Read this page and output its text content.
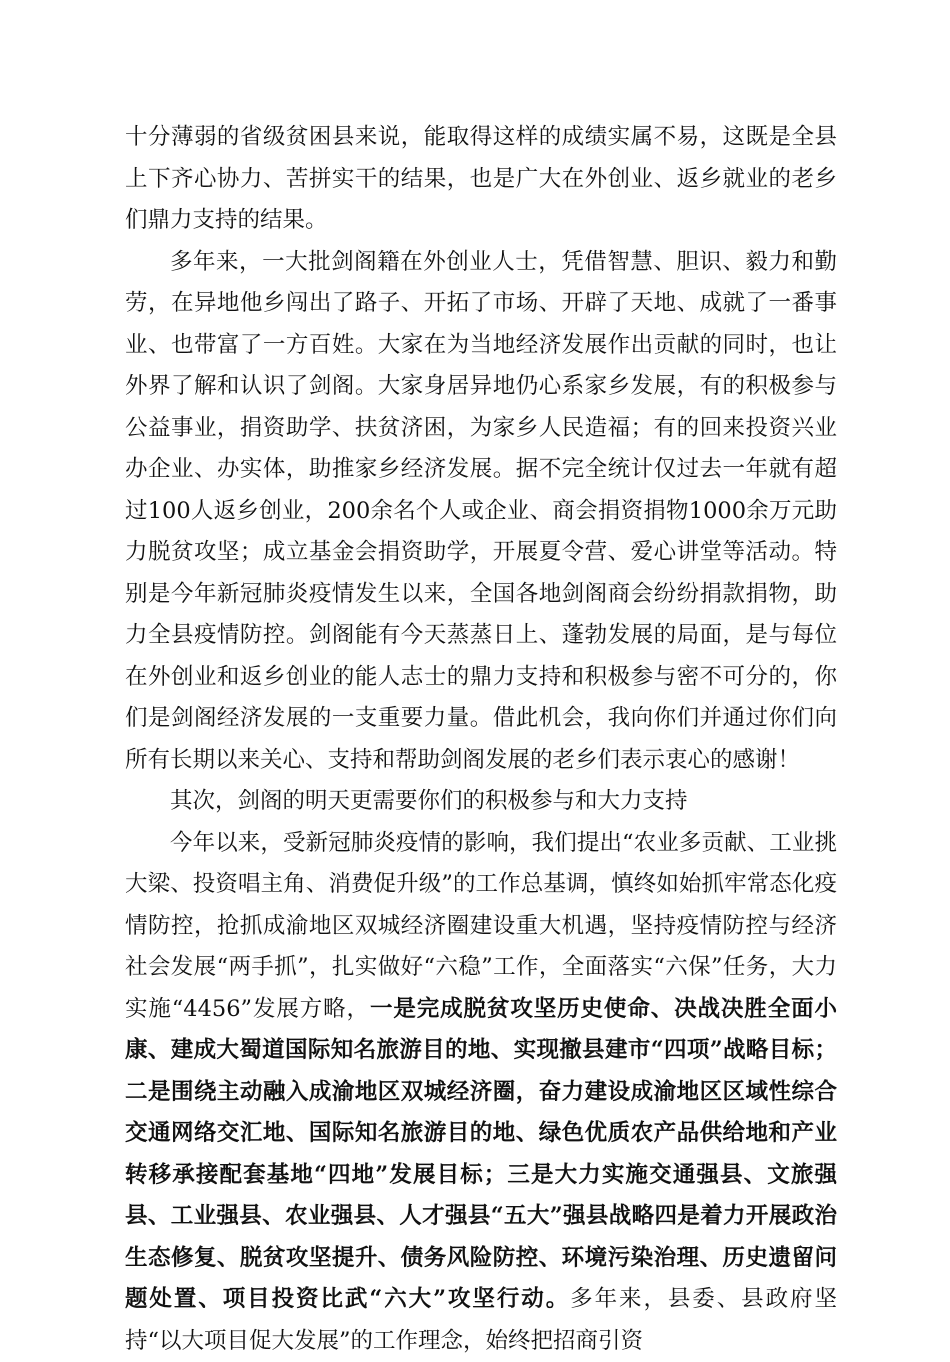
十分薄弱的省级贫困县来说，能取得这样的成绩实属不易，这既是全县上下齐心协力、苦拼实干的结果，也是广大在外创业、返乡就业的老乡们鼎力支持的结果。

多年来，一大批剑阁籍在外创业人士，凭借智慧、胆识、毅力和勤劳，在异地他乡闯出了路子、开拓了市场、开辟了天地、成就了一番事业、也带富了一方百姓。大家在为当地经济发展作出贡献的同时，也让外界了解和认识了剑阁。大家身居异地仍心系家乡发展，有的积极参与公益事业，捐资助学、扶贫济困，为家乡人民造福；有的回来投资兴业办企业、办实体，助推家乡经济发展。据不完全统计仅过去一年就有超过100人返乡创业，200余名个人或企业、商会捐资捐物1000余万元助力脱贫攻坚；成立基金会捐资助学，开展夏令营、爱心讲堂等活动。特别是今年新冠肺炎疫情发生以来，全国各地剑阁商会纷纷捐款捐物，助力全县疫情防控。剑阁能有今天蒸蒸日上、蓬勃发展的局面，是与每位在外创业和返乡创业的能人志士的鼎力支持和积极参与密不可分的，你们是剑阁经济发展的一支重要力量。借此机会，我向你们并通过你们向所有长期以来关心、支持和帮助剑阁发展的老乡们表示衷心的感谢！

其次，剑阁的明天更需要你们的积极参与和大力支持

今年以来，受新冠肺炎疫情的影响，我们提出“农业多贡献、工业挑大梁、投资唱主角、消费促升级”的工作总基调，慎终如始抓牢常态化疫情防控，抢抓成渝地区双城经济圈建设重大机遇，坚持疫情防控与经济社会发展“两手抓”，扎实做好“六稳”工作，全面落实“六保”任务，大力实施“4456”发展方略，一是完成脱贫攻坚历史使命、决战决胜全面小康、建成大蜀道国际知名旅游目的地、实现撤县建市“四项”战略目标；二是围绕主动融入成渝地区双城经济圈，奋力建设成渝地区区域性综合交通网络交汇地、国际知名旅游目的地、绿色优质农产品供给地和产业转移承接配套基地“四地”发展目标；三是大力实施交通强县、文旅强县、工业强县、农业强县、人才强县“五大”强县战略四是着力开展政治生态修复、脱贫攻坚提升、债务风险防控、环境污染治理、历史遗留问题处置、项目投资比武“六大”攻坚行动。多年来，县委、县政府坚持“以大项目促大发展”的工作理念，始终把招商引资
